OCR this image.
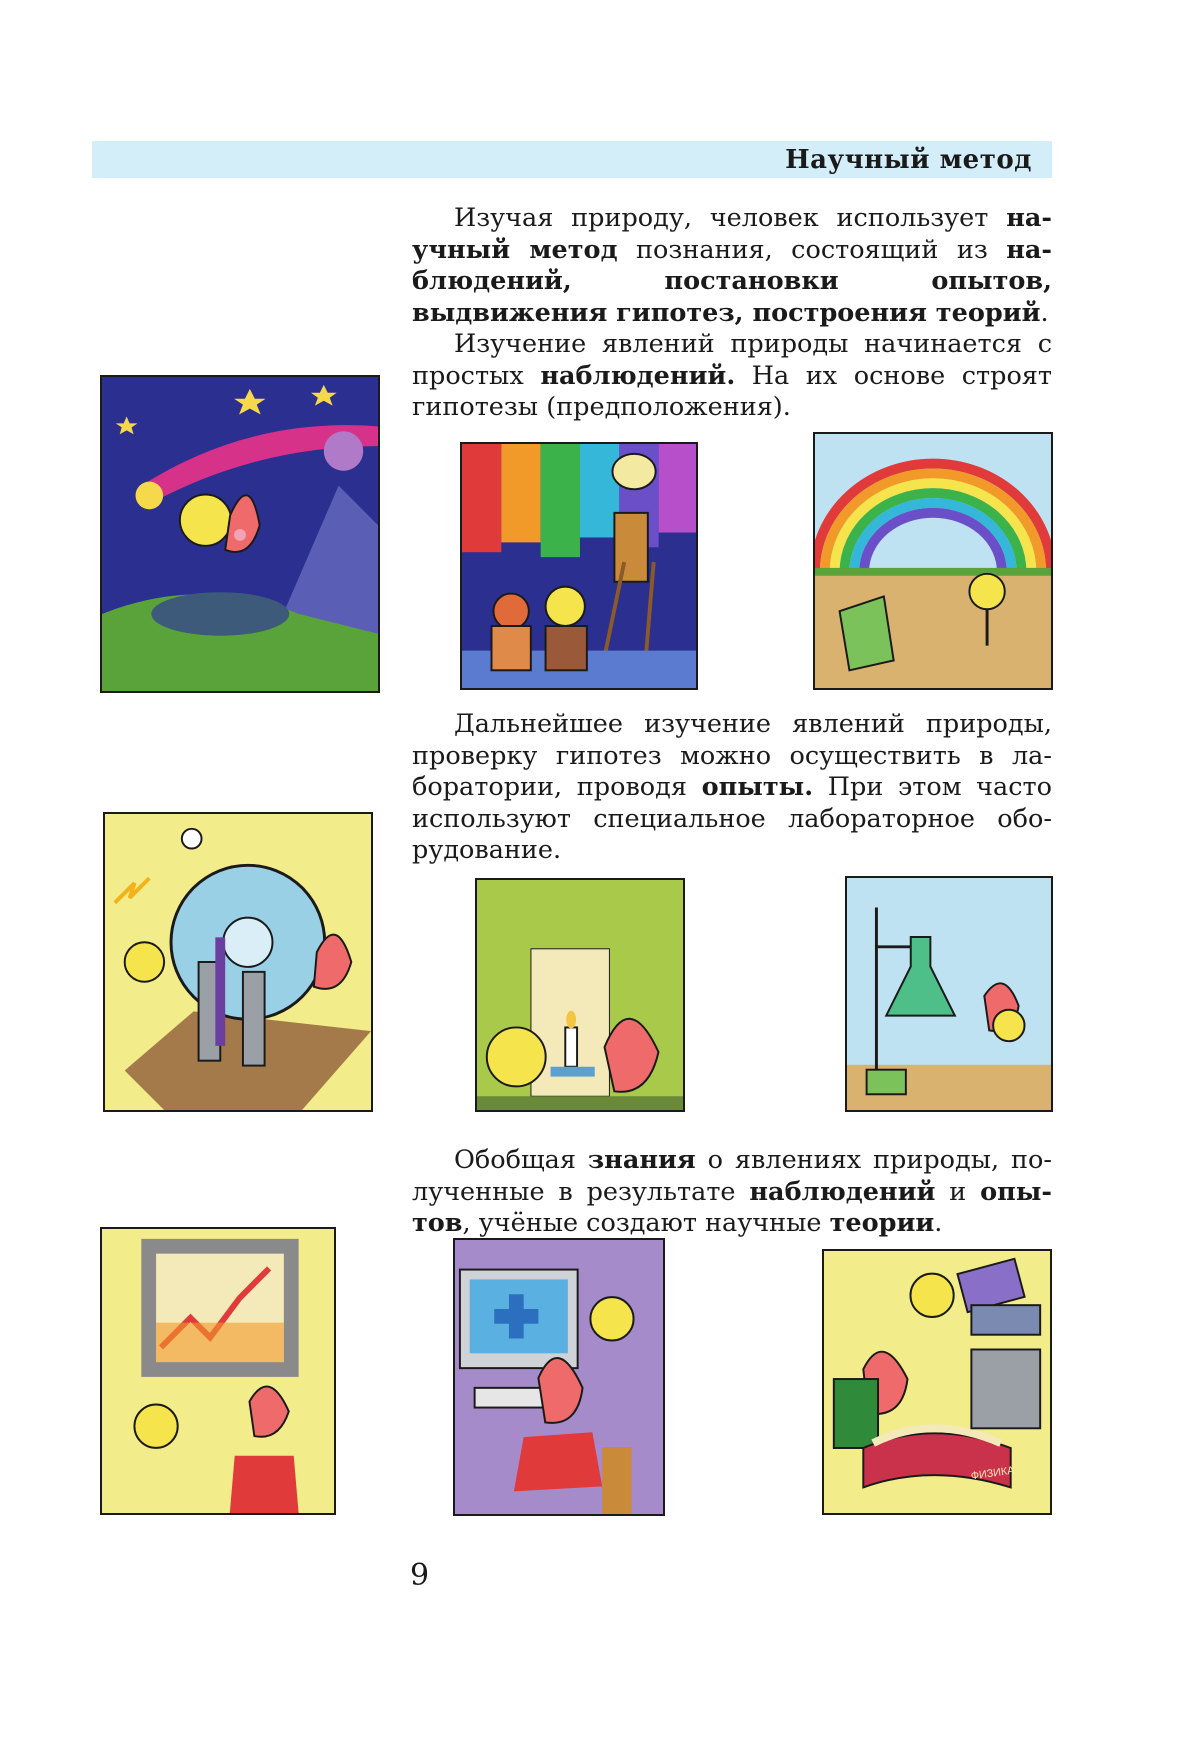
Научный метод

Изучая природу, человек использует научный метод познания, состоящий из наблюдений, постановки опытов, выдвижения гипотез, построения теорий.

Изучение явлений природы начинается с простых наблюдений. На их основе строят гипотезы (предположения).

Дальнейшее изучение явлений природы, проверку гипотез можно осуществить в лаборатории, проводя опыты. При этом часто используют специальное лабораторное оборудование.

Обобщая знания о явлениях природы, полученные в результате наблюдений и опытов, учёные создают научные теории.

ФИЗИКА
9
